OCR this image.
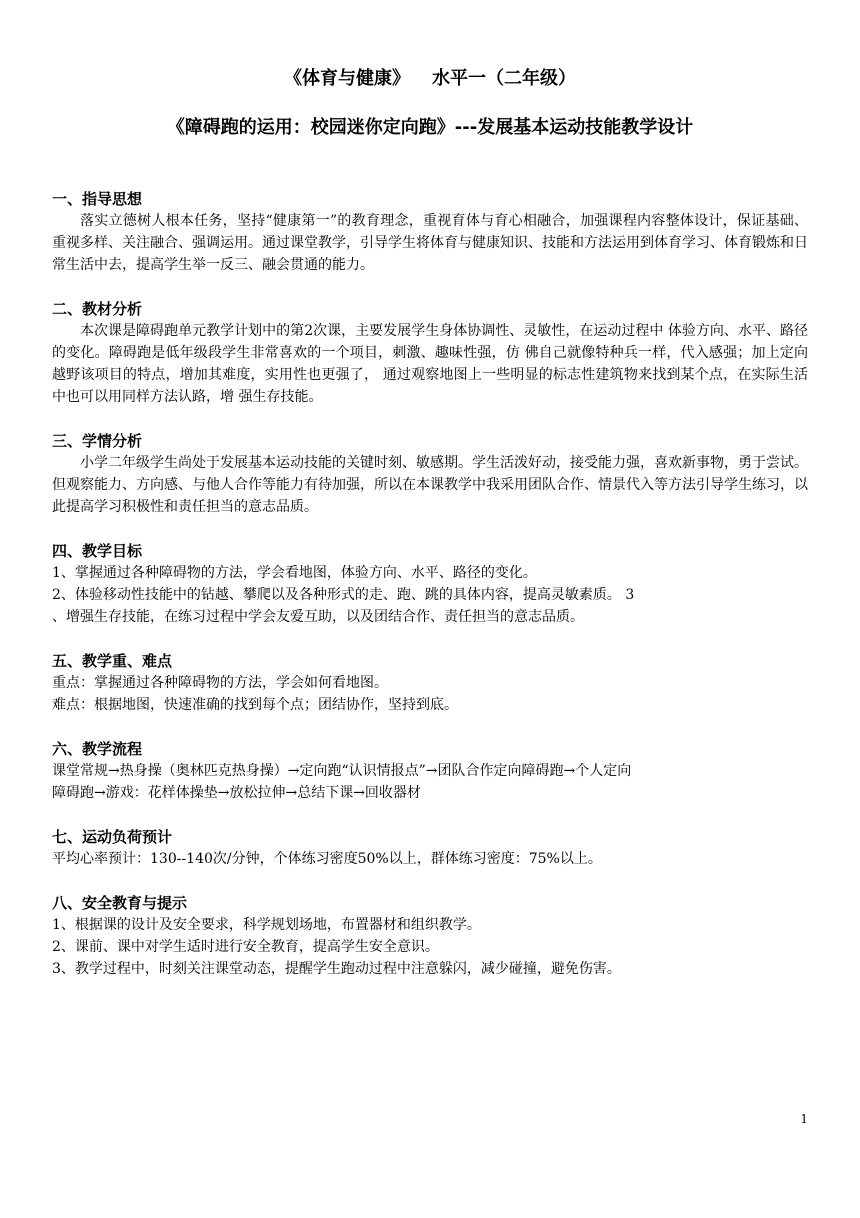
《体育与健康》 水平一（二年级）
《障碍跑的运用：校园迷你定向跑》---发展基本运动技能教学设计

一、指导思想

落实立德树人根本任务，坚持“健康第一”的教育理念，重视育体与育心相融合，加强课程内容整体设计，保证基础、重视多样、关注融合、强调运用。通过课堂教学，引导学生将体育与健康知识、技能和方法运用到体育学习、体育锻炼和日常生活中去，提高学生举一反三、融会贯通的能力。

二、教材分析

本次课是障碍跑单元教学计划中的第2次课，主要发展学生身体协调性、灵敏性，在运动过程中 体验方向、水平、路径的变化。障碍跑是低年级段学生非常喜欢的一个项目，刺激、趣味性强，仿 佛自己就像特种兵一样，代入感强；加上定向越野该项目的特点，增加其难度，实用性也更强了， 通过观察地图上一些明显的标志性建筑物来找到某个点，在实际生活中也可以用同样方法认路，增 强生存技能。

三、学情分析

小学二年级学生尚处于发展基本运动技能的关键时刻、敏感期。学生活泼好动，接受能力强，喜欢新事物，勇于尝试。但观察能力、方向感、与他人合作等能力有待加强，所以在本课教学中我采用团队合作、情景代入等方法引导学生练习，以此提高学习积极性和责任担当的意志品质。

四、教学目标

1、掌握通过各种障碍物的方法，学会看地图，体验方向、水平、路径的变化。

2、体验移动性技能中的钻越、攀爬以及各种形式的走、跑、跳的具体内容，提高灵敏素质。 3

、增强生存技能，在练习过程中学会友爱互助，以及团结合作、责任担当的意志品质。

五、教学重、难点

重点：掌握通过各种障碍物的方法，学会如何看地图。

难点：根据地图，快速准确的找到每个点；团结协作，坚持到底。

六、教学流程

课堂常规→热身操（奥林匹克热身操）→定向跑“认识情报点”→团队合作定向障碍跑→个人定向

障碍跑→游戏：花样体操垫→放松拉伸→总结下课→回收器材

七、运动负荷预计

平均心率预计：130--140次/分钟，个体练习密度50%以上，群体练习密度：75%以上。

八、安全教育与提示

1、根据课的设计及安全要求，科学规划场地，布置器材和组织教学。

2、课前、课中对学生适时进行安全教育，提高学生安全意识。

3、教学过程中，时刻关注课堂动态，提醒学生跑动过程中注意躲闪，减少碰撞，避免伤害。

1
